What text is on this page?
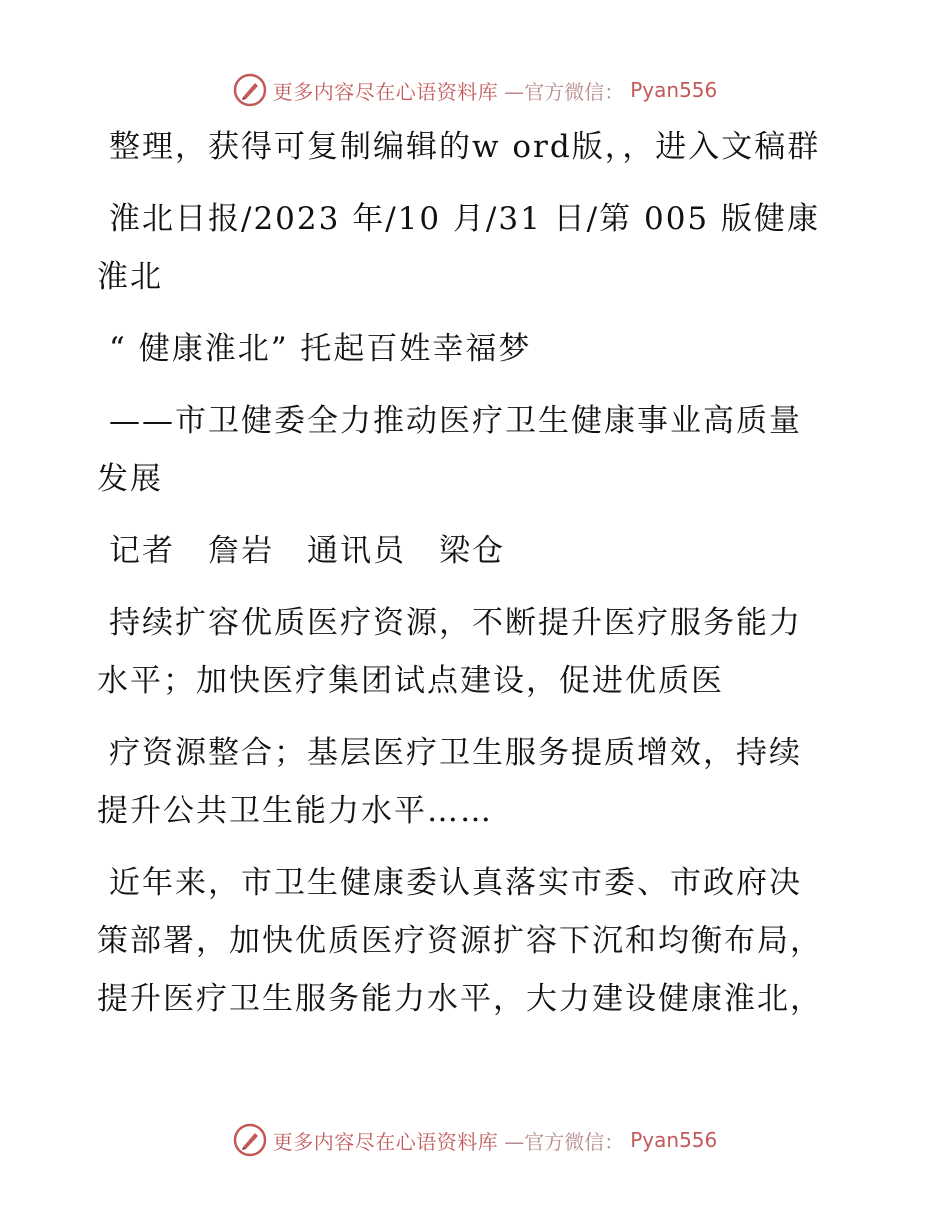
更多内容尽在心语资料库 —官方微信： Pyan556

整理，获得可复制编辑的w ord版，，进入文稿群

淮北日报/2023 年/10 月/31 日/第 005 版健康淮北

“ 健康淮北” 托起百姓幸福梦

——市卫健委全力推动医疗卫生健康事业高质量发展

记者　詹岩　通讯员　梁仓

持续扩容优质医疗资源，不断提升医疗服务能力水平；加快医疗集团试点建设，促进优质医

疗资源整合；基层医疗卫生服务提质增效，持续提升公共卫生能力水平……

近年来，市卫生健康委认真落实市委、市政府决策部署，加快优质医疗资源扩容下沉和均衡布局，提升医疗卫生服务能力水平，大力建设健康淮北，

更多内容尽在心语资料库 —官方微信： Pyan556
